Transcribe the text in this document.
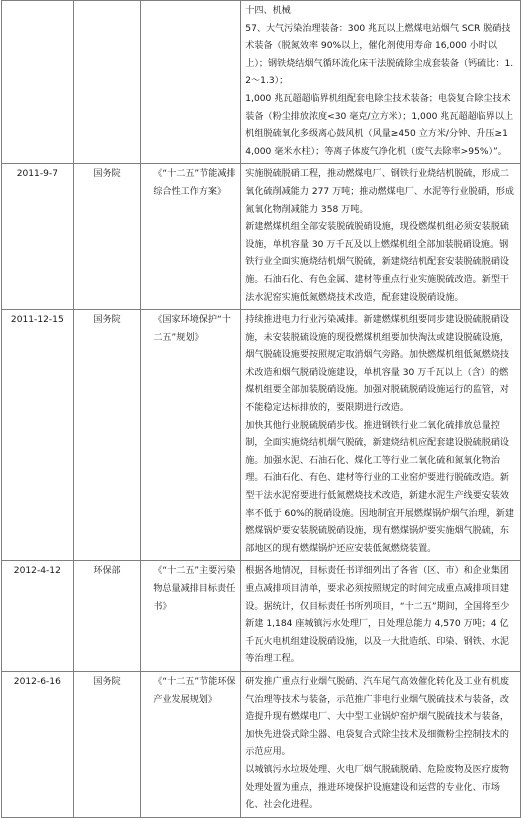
			十四、机械

57、大气污染治理装备：300 兆瓦以上燃煤电站烟气 SCR 脱硝技术装备（脱氮效率 90%以上，催化剂使用寿命 16,000 小时以上）；钢铁烧结烟气循环流化床干法脱硫除尘成套装备（钙硫比：1.2～1.3）；

1,000 兆瓦超超临界机组配套电除尘技术装备；电袋复合除尘技术装备（粉尘排放浓度<30 毫克/立方米）；1,000 兆瓦超超临界以上机组脱硫氧化多级离心鼓风机（风量≥450 立方米/分钟、升压≥14,000 毫米水柱）；等离子体废气净化机（废气去除率>95%）”。

2011-9-7	国务院	《“十二五”节能减排综合性工作方案》	实施脱硫脱硝工程，推动燃煤电厂、钢铁行业烧结机脱硫，形成二氧化硫削减能力 277 万吨；推动燃煤电厂、水泥等行业脱硝，形成氮氧化物削减能力 358 万吨。

新建燃煤机组全部安装脱硫脱硝设施，现役燃煤机组必须安装脱硫设施，单机容量 30 万千瓦及以上燃煤机组全部加装脱硝设施。钢铁行业全面实施烧结机烟气脱硫，新建烧结机配套安装脱硫脱硝设施。石油石化、有色金属、建材等重点行业实施脱硫改造。新型干法水泥窑实施低氮燃烧技术改造，配套建设脱硝设施。

2011-12-15	国务院	《国家环境保护“十二五”规划》	持续推进电力行业污染减排。新建燃煤机组要同步建设脱硫脱硝设施，未安装脱硫设施的现役燃煤机组要加快淘汰或建设脱硫设施，烟气脱硫设施要按照规定取消烟气旁路。加快燃煤机组低氮燃烧技术改造和烟气脱硝设施建设，单机容量 30 万千瓦以上（含）的燃煤机组要全部加装脱硝设施。加强对脱硫脱硝设施运行的监管，对不能稳定达标排放的，要限期进行改造。

加快其他行业脱硫脱硝步伐。推进钢铁行业二氧化硫排放总量控制，全面实施烧结机烟气脱硫，新建烧结机应配套建设脱硫脱硝设施。加强水泥、石油石化、煤化工等行业二氧化硫和氮氧化物治理。石油石化、有色、建材等行业的工业窑炉要进行脱硫改造。新型干法水泥窑要进行低氮燃烧技术改造，新建水泥生产线要安装效率不低于 60%的脱硝设施。因地制宜开展燃煤锅炉烟气治理，新建燃煤锅炉要安装脱硫脱硝设施，现有燃煤锅炉要实施烟气脱硫，东部地区的现有燃煤锅炉还应安装低氮燃烧装置。

2012-4-12	环保部	《“十二五”主要污染物总量减排目标责任书》	根据各地情况，目标责任书详细列出了各省（区、市）和企业集团重点减排项目清单，要求必须按照规定的时间完成重点减排项目建设。据统计，仅目标责任书所列项目，“十二五”期间，全国将至少新建 1,184 座城镇污水处理厂，日处理总能力 4,570 万吨；4 亿千瓦火电机组建设脱硝设施，以及一大批造纸、印染、钢铁、水泥等治理工程。

2012-6-16	国务院	《“十二五”节能环保产业发展规划》	研发推广重点行业烟气脱硝、汽车尾气高效催化转化及工业有机废气治理等技术与装备，示范推广非电行业烟气脱硫技术与装备，改造提升现有燃煤电厂、大中型工业锅炉窑炉烟气脱硫技术与装备，加快先进袋式除尘器、电袋复合式除尘技术及细微粉尘控制技术的示范应用。

以城镇污水垃圾处理、火电厂烟气脱硫脱硝、危险废物及医疗废物处理处置为重点，推进环境保护设施建设和运营的专业化、市场化、社会化进程。
